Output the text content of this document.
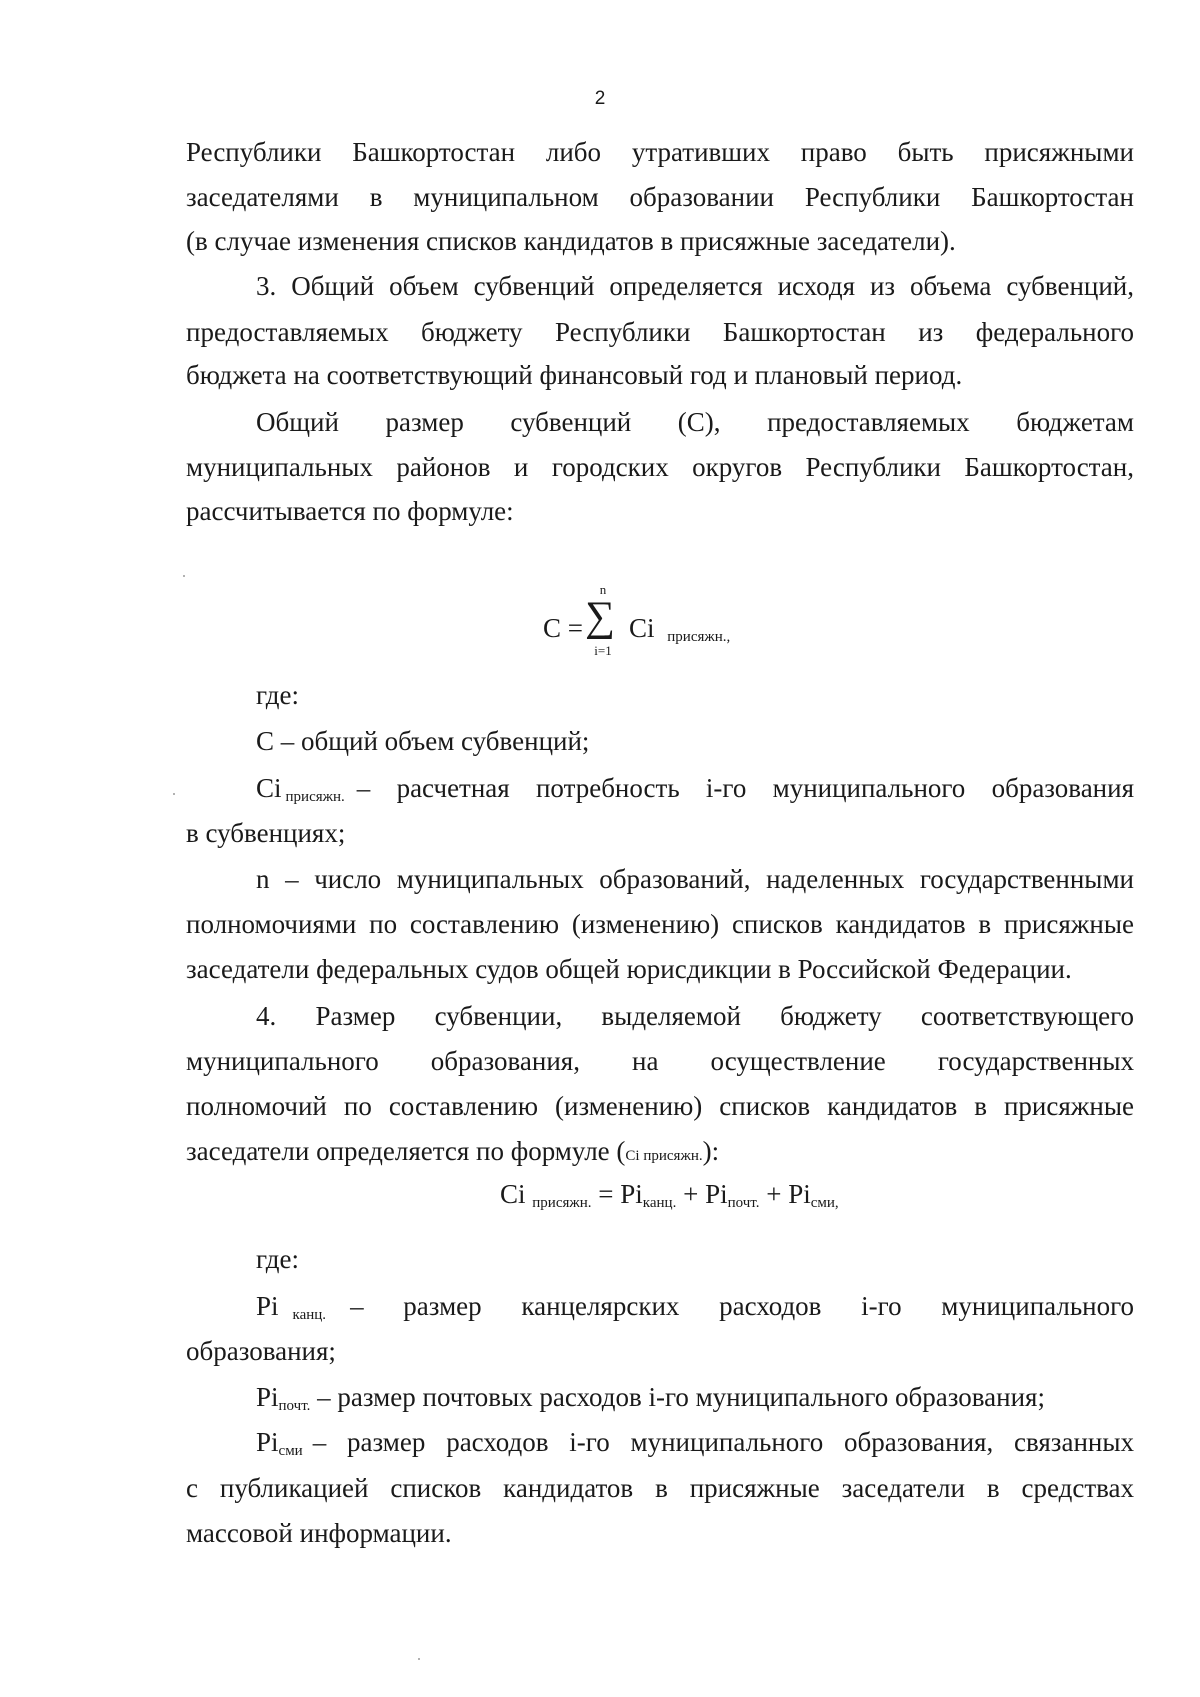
2
Республики Башкортостан либо утративших право быть присяжными
заседателями в муниципальном образовании Республики Башкортостан
(в случае изменения списков кандидатов в присяжные заседатели).
3. Общий объем субвенций определяется исходя из объема субвенций,
предоставляемых бюджету Республики Башкортостан из федерального
бюджета на соответствующий финансовый год и плановый период.
Общий размер субвенций (С), предоставляемых бюджетам
муниципальных районов и городских округов Республики Башкортостан,
рассчитывается по формуле:
С =
n
∑
i=1
Ci $_{присяжн.,}$
где:
С – общий объем субвенций;
Ci $_{присяжн.}$ – расчетная потребность i-го муниципального образования
в субвенциях;
n – число муниципальных образований, наделенных государственными
полномочиями по составлению (изменению) списков кандидатов в присяжные
заседатели федеральных судов общей юрисдикции в Российской Федерации.
4. Размер субвенции, выделяемой бюджету соответствующего
муниципального образования, на осуществление государственных
полномочий по составлению (изменению) списков кандидатов в присяжные
заседатели определяется по формуле (Ci присяжн.):
Ci $_{присяжн.} = Pi_{канц.} + Pi_{почт.} + Pi_{сми,}$
где:
Pi $_{канц.}$ – размер канцелярских расходов i-го муниципального
образования;
$Pi_{почт.}$ – размер почтовых расходов i-го муниципального образования;
$Pi_{сми}$ – размер расходов i-го муниципального образования, связанных
с публикацией списков кандидатов в присяжные заседатели в средствах
массовой информации.
